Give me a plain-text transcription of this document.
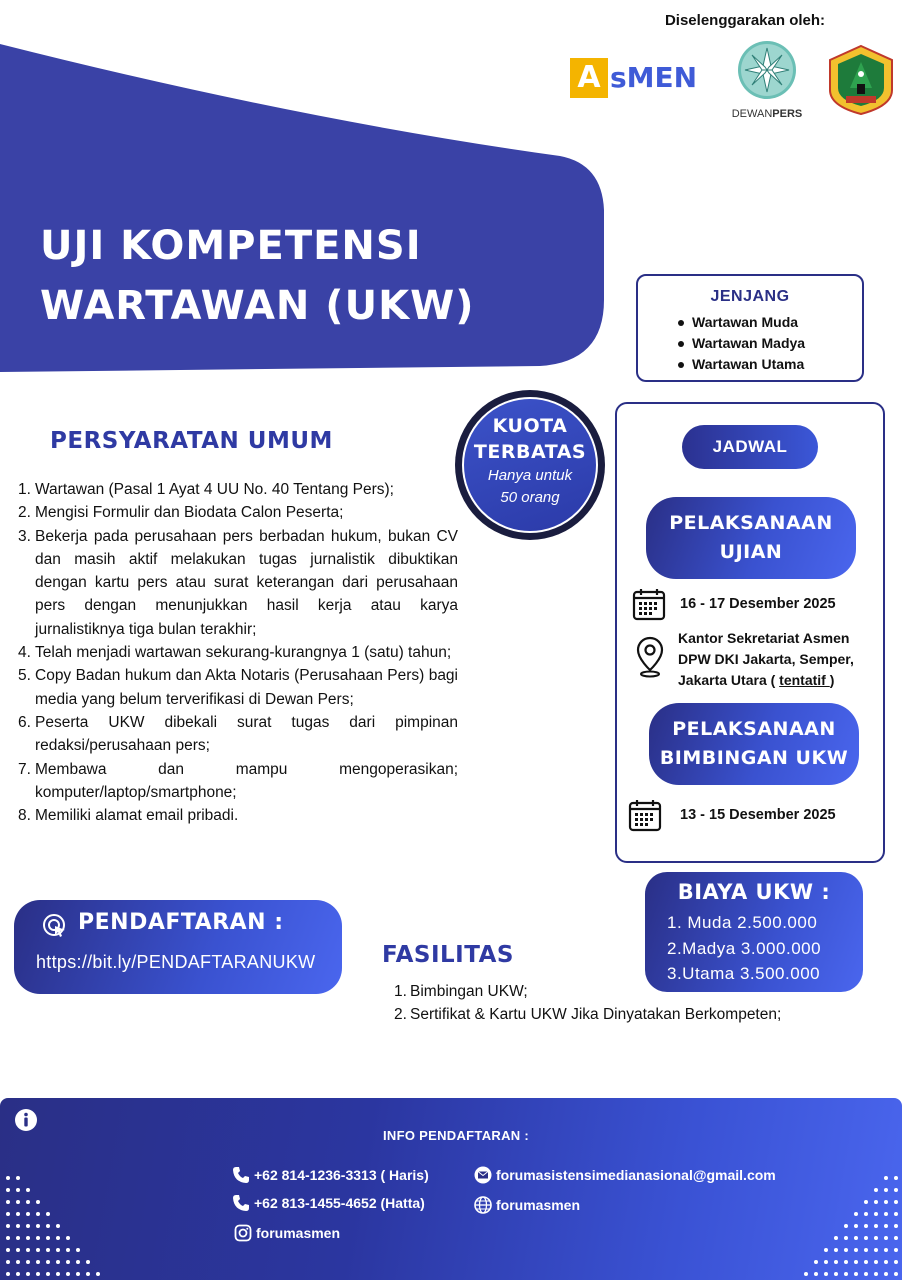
Diselenggarakan oleh:
A sMEN
DEWANPERS
UJI KOMPETENSI
WARTAWAN (UKW)	JENJANG
Wartawan Muda
Wartawan Madya
Wartawan Utama
KUOTA
TERBATAS
Hanya untuk
50 orang
PERSYARATAN UMUM
1. Wartawan (Pasal 1 Ayat 4 UU No. 40 Tentang Pers);
2. Mengisi Formulir dan Biodata Calon Peserta;
3. Bekerja pada perusahaan pers berbadan hukum, bukan CV dan masih aktif melakukan tugas jurnalistik dibuktikan dengan kartu pers atau surat keterangan dari perusahaan pers dengan menunjukkan hasil kerja atau karya jurnalistiknya tiga bulan terakhir;
4. Telah menjadi wartawan sekurang-kurangnya 1 (satu) tahun;
5. Copy Badan hukum dan Akta Notaris (Perusahaan Pers) bagi media yang belum terverifikasi di Dewan Pers;
6. Peserta UKW dibekali surat tugas dari pimpinan redaksi/perusahaan pers;
7. Membawa dan mampu mengoperasikan; komputer/laptop/smartphone;
8. Memiliki alamat email pribadi.
JADWAL
PELAKSANAAN
UJIAN
16 - 17 Desember 2025
Kantor Sekretariat Asmen
DPW DKI Jakarta, Semper,
Jakarta Utara ( tentatif )
PELAKSANAAN
BIMBINGAN UKW
13 - 15 Desember 2025
BIAYA UKW :
1. Muda 2.500.000
2.Madya 3.000.000
3.Utama 3.500.000
PENDAFTARAN :
https://bit.ly/PENDAFTARANUKW	FASILITAS
1. Bimbingan UKW;
2. Sertifikat & Kartu UKW Jika Dinyatakan Berkompeten;
INFO PENDAFTARAN :
+62 814-1236-3313 ( Haris)
+62 813-1455-4652 (Hatta)
forumasmen
forumasistensimedianasional@gmail.com
forumasmen
